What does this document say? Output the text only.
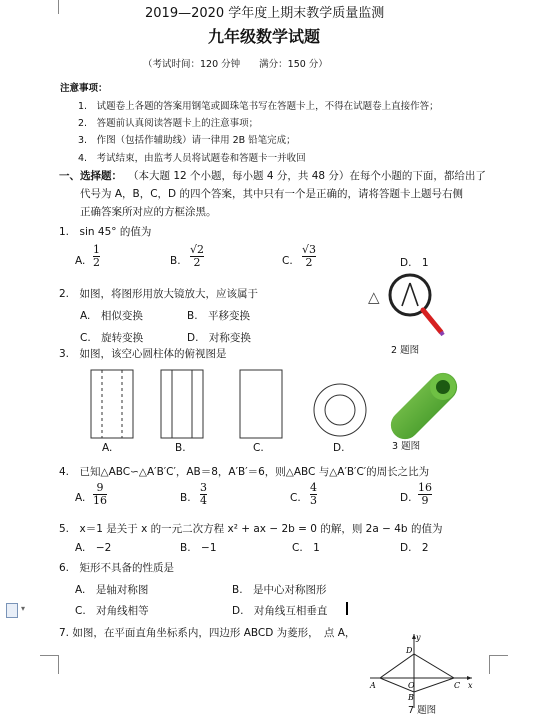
▾
2019—2020 学年度上期末教学质量监测
九年级数学试题
（考试时间：120 分钟　　满分：150 分）
注意事项：
1.　试题卷上各题的答案用钢笔或圆珠笔书写在答题卡上，不得在试题卷上直接作答；
2.　答题前认真阅读答题卡上的注意事项；
3.　作图（包括作辅助线）请一律用 2B 铅笔完成；
4.　考试结束，由监考人员将试题卷和答题卡一并收回
一、选择题： （本大题 12 个小题，每小题 4 分，共 48 分）在每个小题的下面，都给出了
代号为 A，B，C，D 的四个答案，其中只有一个是正确的，请将答题卡上题号右侧
正确答案所对应的方框涂黑。
1.　sin 45° 的值为
A.
1
2	B.
√2
2	C.
√3
2	D.　1
2.　如图，将图形用放大镜放大，应该属于
A.　相似变换	B.　平移变换
C.　旋转变换	D.　对称变换
△
2 题图
3.　如图，该空心圆柱体的俯视图是
A.	B.	C.	D.	3 题图
4.　已知△ABC∽△A′B′C′，AB＝8，A′B′＝6，则△ABC 与△A′B′C′的周长之比为
A.
9
16	B.
3
4	C.
4
3	D.
16
9
5.　x＝1 是关于 x 的一元二次方程 x² + ax − 2b = 0 的解，则 2a − 4b 的值为
A.　−2	B.　−1	C.　1	D.　2
6.　矩形不具备的性质是
A.　是轴对称图	B.　是中心对称图形
C.　对角线相等	D.　对角线互相垂直
7. 如图，在平面直角坐标系内，四边形 ABCD 为菱形，　点 A，	y
x
D
A	O	C
B
7 题图
